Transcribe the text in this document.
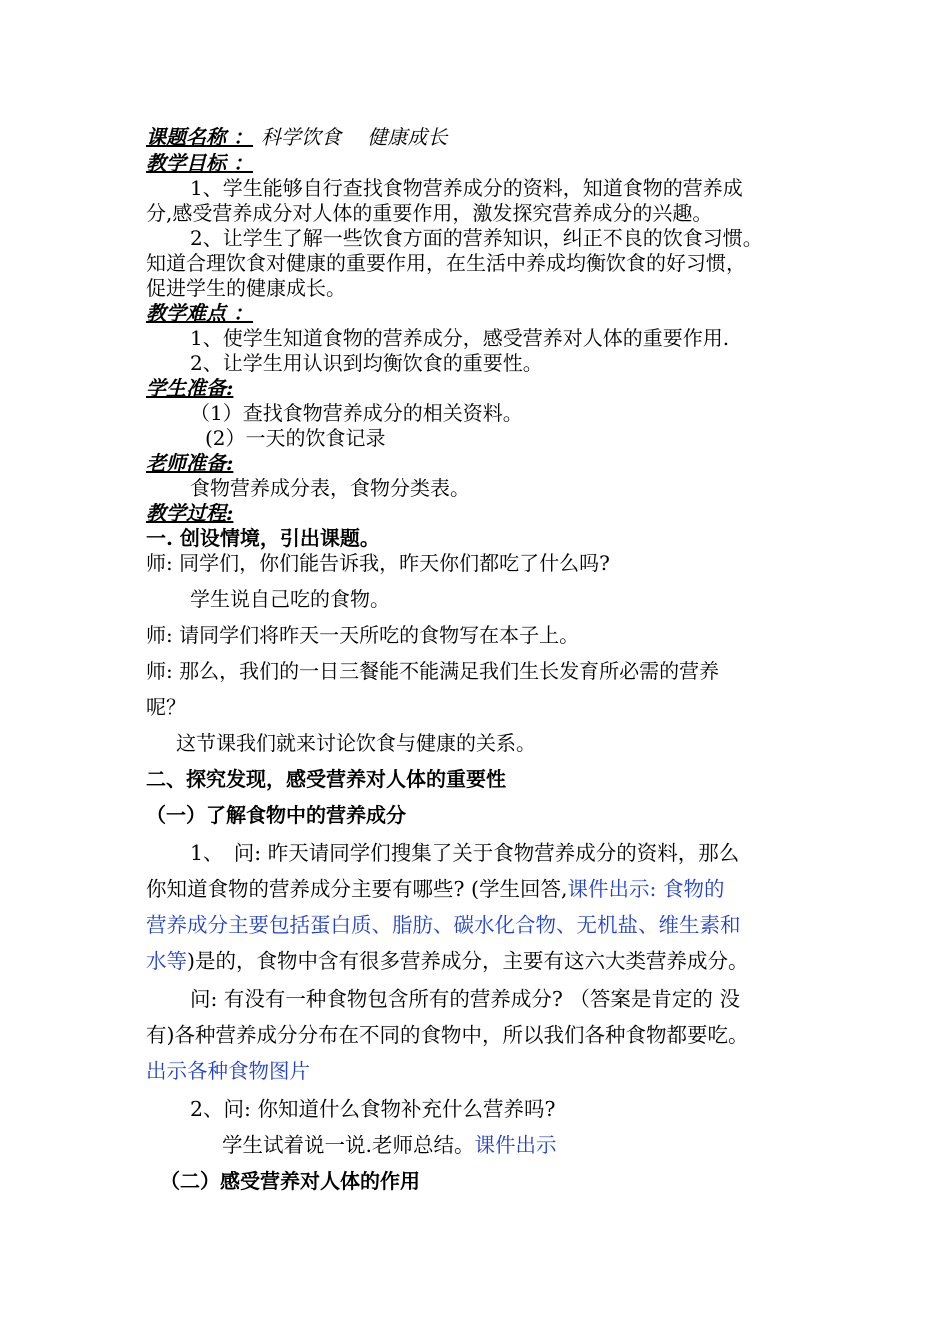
课题名称 ： 科学饮食　 健康成长
教学目标 ：
1、学生能够自行查找食物营养成分的资料，知道食物的营养成
分,感受营养成分对人体的重要作用，激发探究营养成分的兴趣。
2、让学生了解一些饮食方面的营养知识，纠正不良的饮食习惯。
知道合理饮食对健康的重要作用，在生活中养成均衡饮食的好习惯，
促进学生的健康成长。
教学难点 ：
1、使学生知道食物的营养成分，感受营养对人体的重要作用.
2、让学生用认识到均衡饮食的重要性。
学生准备:
（1）查找食物营养成分的相关资料。
(2）一天的饮食记录
老师准备:
食物营养成分表，食物分类表。
教学过程:
一. 创设情境，引出课题。
师: 同学们，你们能告诉我，昨天你们都吃了什么吗?
学生说自己吃的食物。
师: 请同学们将昨天一天所吃的食物写在本子上。
师: 那么，我们的一日三餐能不能满足我们生长发育所必需的营养
呢？
这节课我们就来讨论饮食与健康的关系。
二、探究发现，感受营养对人体的重要性
（一）了解食物中的营养成分
1、　问: 昨天请同学们搜集了关于食物营养成分的资料，那么
你知道食物的营养成分主要有哪些? (学生回答,课件出示: 食物的
营养成分主要包括蛋白质、脂肪、碳水化合物、无机盐、维生素和
水等)是的，食物中含有很多营养成分，主要有这六大类营养成分。
问: 有没有一种食物包含所有的营养成分? （答案是肯定的 没
有)各种营养成分分布在不同的食物中，所以我们各种食物都要吃。
出示各种食物图片
2、问: 你知道什么食物补充什么营养吗?
学生试着说一说.老师总结。课件出示
（二）感受营养对人体的作用
